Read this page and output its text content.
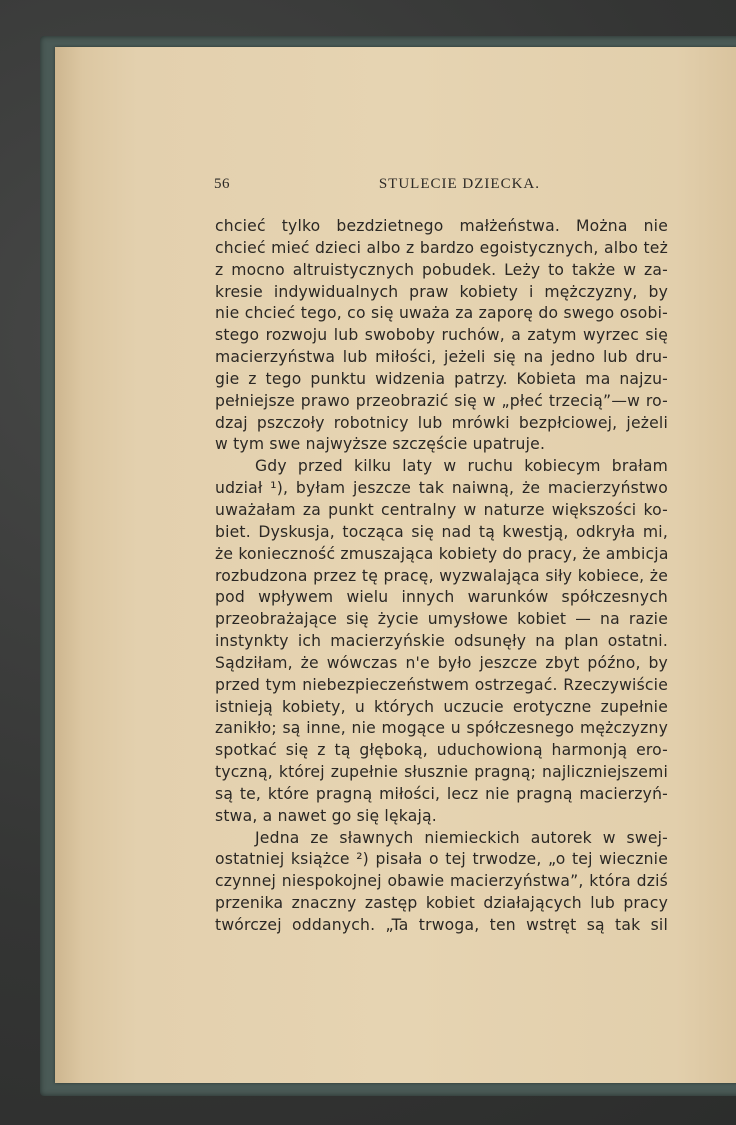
56	STULECIE DZIECKA.
chcieć tylko bezdzietnego małżeństwa. Można nie
chcieć mieć dzieci albo z bardzo egoistycznych, albo też
z mocno altruistycznych pobudek. Leży to także w za-
kresie indywidualnych praw kobiety i mężczyzny, by
nie chcieć tego, co się uważa za zaporę do swego osobi-
stego rozwoju lub swoboby ruchów, a zatym wyrzec się
macierzyństwa lub miłości, jeżeli się na jedno lub dru-
gie z tego punktu widzenia patrzy. Kobieta ma najzu-
pełniejsze prawo przeobrazić się w „płeć trzecią”—w ro-
dzaj pszczoły robotnicy lub mrówki bezpłciowej, jeżeli
w tym swe najwyższe szczęście upatruje.
Gdy przed kilku laty w ruchu kobiecym brałam
udział ¹), byłam jeszcze tak naiwną, że macierzyństwo
uważałam za punkt centralny w naturze większości ko-
biet. Dyskusja, tocząca się nad tą kwestją, odkryła mi,
że konieczność zmuszająca kobiety do pracy, że ambicja
rozbudzona przez tę pracę, wyzwalająca siły kobiece, że
pod wpływem wielu innych warunków spółczesnych
przeobrażające się życie umysłowe kobiet — na razie
instynkty ich macierzyńskie odsunęły na plan ostatni.
Sądziłam, że wówczas n'e było jeszcze zbyt późno, by
przed tym niebezpieczeństwem ostrzegać. Rzeczywiście
istnieją kobiety, u których uczucie erotyczne zupełnie
zanikło; są inne, nie mogące u spółczesnego mężczyzny
spotkać się z tą głęboką, uduchowioną harmonją ero-
tyczną, której zupełnie słusznie pragną; najliczniejszemi
są te, które pragną miłości, lecz nie pragną macierzyń-
stwa, a nawet go się lękają.
Jedna ze sławnych niemieckich autorek w swej-
ostatniej książce ²) pisała o tej trwodze, „o tej wiecznie
czynnej niespokojnej obawie macierzyństwa”, która dziś
przenika znaczny zastęp kobiet działających lub pracy
twórczej oddanych. „Ta trwoga, ten wstręt są tak sil
